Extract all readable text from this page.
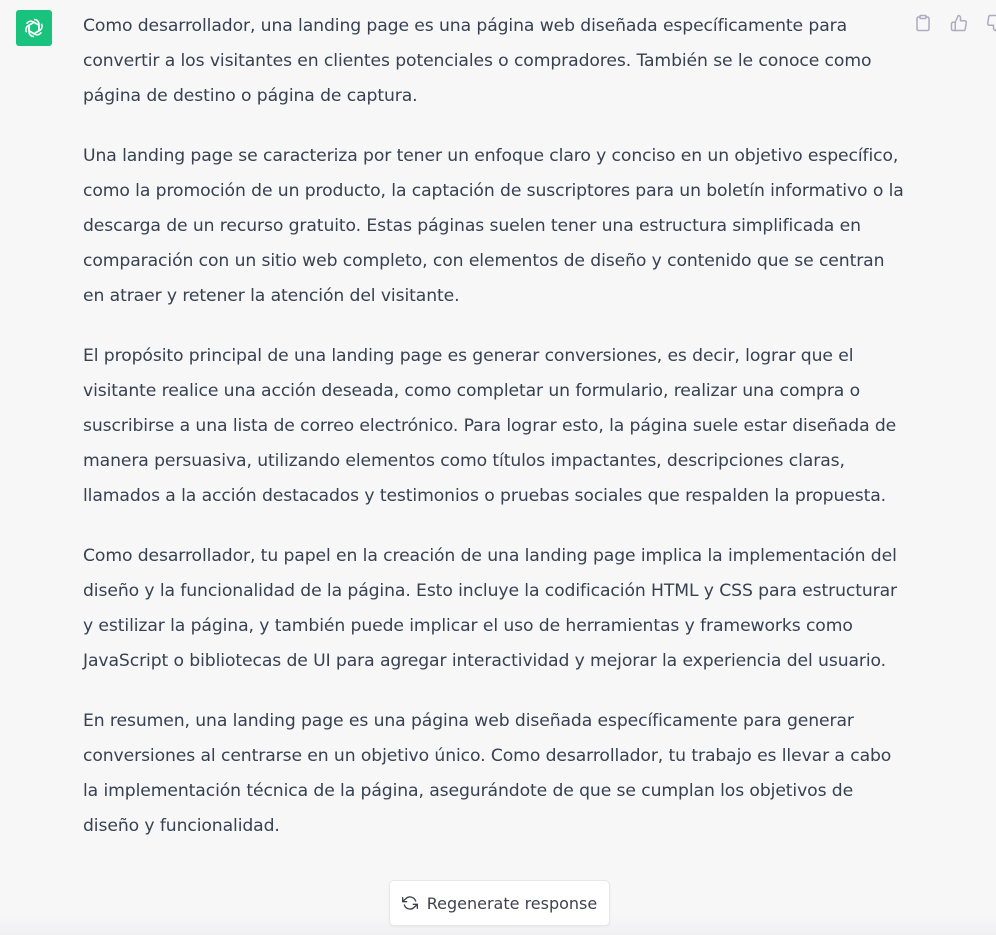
Como desarrollador, una landing page es una página web diseñada específicamente para convertir a los visitantes en clientes potenciales o compradores. También se le conoce como página de destino o página de captura.

Una landing page se caracteriza por tener un enfoque claro y conciso en un objetivo específico, como la promoción de un producto, la captación de suscriptores para un boletín informativo o la descarga de un recurso gratuito. Estas páginas suelen tener una estructura simplificada en comparación con un sitio web completo, con elementos de diseño y contenido que se centran en atraer y retener la atención del visitante.

El propósito principal de una landing page es generar conversiones, es decir, lograr que el visitante realice una acción deseada, como completar un formulario, realizar una compra o suscribirse a una lista de correo electrónico. Para lograr esto, la página suele estar diseñada de manera persuasiva, utilizando elementos como títulos impactantes, descripciones claras, llamados a la acción destacados y testimonios o pruebas sociales que respalden la propuesta.

Como desarrollador, tu papel en la creación de una landing page implica la implementación del diseño y la funcionalidad de la página. Esto incluye la codificación HTML y CSS para estructurar y estilizar la página, y también puede implicar el uso de herramientas y frameworks como JavaScript o bibliotecas de UI para agregar interactividad y mejorar la experiencia del usuario.

En resumen, una landing page es una página web diseñada específicamente para generar conversiones al centrarse en un objetivo único. Como desarrollador, tu trabajo es llevar a cabo la implementación técnica de la página, asegurándote de que se cumplan los objetivos de diseño y funcionalidad.

Regenerate response
